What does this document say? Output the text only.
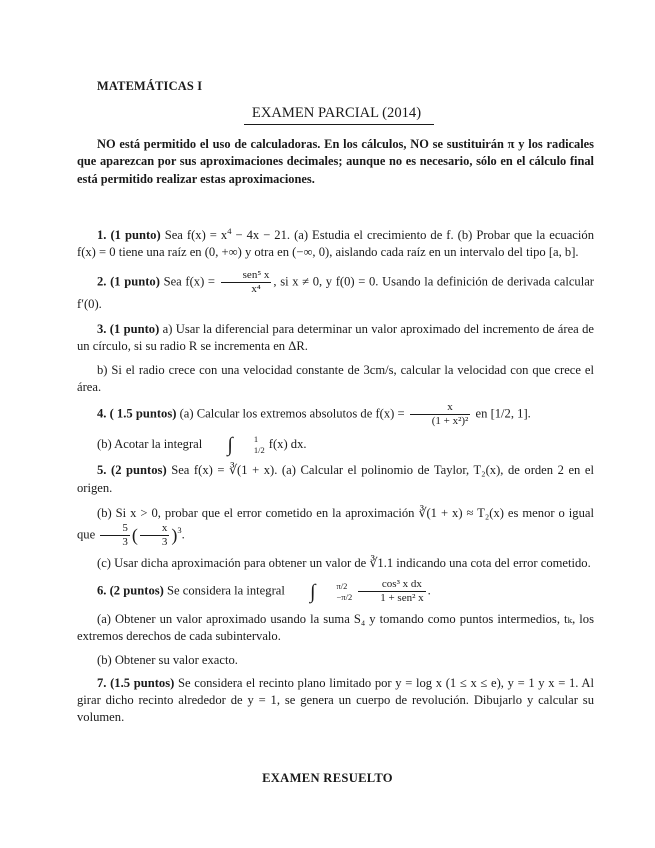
MATEMÁTICAS I
EXAMEN PARCIAL (2014)
NO está permitido el uso de calculadoras. En los cálculos, NO se sustituirán π y los radicales que aparezcan por sus aproximaciones decimales; aunque no es necesario, sólo en el cálculo final está permitido realizar estas aproximaciones.

1. (1 punto) Sea $f(x) = x^4 - 4x - 21$. (a) Estudia el crecimiento de f. (b) Probar que la ecuación f(x) = 0 tiene una raíz en (0, +∞) y otra en (−∞, 0), aislando cada raíz en un intervalo del tipo [a, b].

2. (1 punto) Sea $f(x) = \frac{\text{sen⁵ x}}{\text{x⁴}}$ , si x ≠ 0, y f(0) = 0. Usando la definición de derivada calcular f′(0).

3. (1 punto) a) Usar la diferencial para determinar un valor aproximado del incremento de área de un círculo, si su radio R se incrementa en ΔR.

b) Si el radio crece con una velocidad constante de 3cm/s, calcular la velocidad con que crece el área.

4. ( 1.5 puntos) (a) Calcular los extremos absolutos de $f(x) = \frac{x}{\text{(1 + x²)²}}$ en [1/2, 1].

(b) Acotar la integral ∫	1
1/2 f(x) dx.

5. (2 puntos) Sea f(x) = ∛(1 + x). (a) Calcular el polinomio de Taylor, T₂(x), de orden 2 en el origen.

(b) Si x > 0, probar que el error cometido en la aproximación ∛(1 + x) ≈ T₂(x) es menor o igual que $\frac{5}{3}$ ( $\frac{x}{3} )^3$.

(c) Usar dicha aproximación para obtener un valor de ∛1.1 indicando una cota del error cometido.

6. (2 puntos) Se considera la integral ∫	π/2
$-\pi/2 \frac{\text{cos³ x dx}}{\text{1 + sen² x}}$ .

(a) Obtener un valor aproximado usando la suma S₄ y tomando como puntos intermedios, tₖ, los extremos derechos de cada subintervalo.

(b) Obtener su valor exacto.

7. (1.5 puntos) Se considera el recinto plano limitado por y = log x (1 ≤ x ≤ e), y = 1 y x = 1. Al girar dicho recinto alrededor de y = 1, se genera un cuerpo de revolución. Dibujarlo y calcular su volumen.

EXAMEN RESUELTO
